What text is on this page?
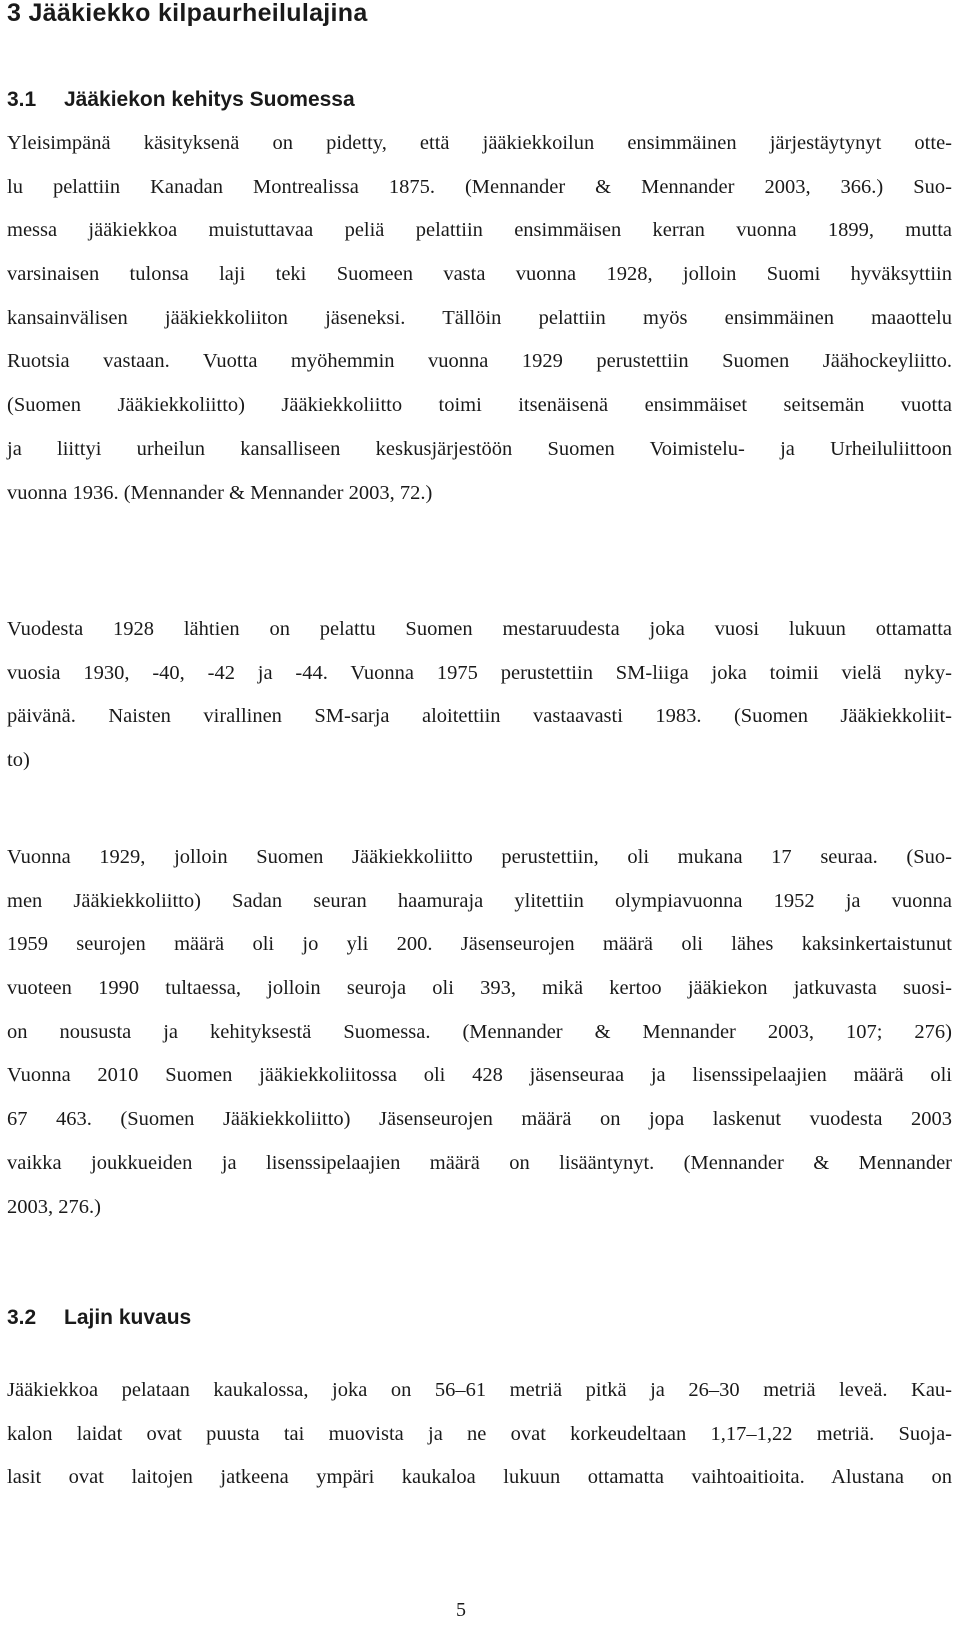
3 Jääkiekko kilpaurheilulajina
3.1 Jääkiekon kehitys Suomessa
Yleisimpänä käsityksenä on pidetty, että jääkiekkoilun ensimmäinen järjestäytynyt otte-
lu pelattiin Kanadan Montrealissa 1875. (Mennander & Mennander 2003, 366.) Suo-
messa jääkiekkoa muistuttavaa peliä pelattiin ensimmäisen kerran vuonna 1899, mutta
varsinaisen tulonsa laji teki Suomeen vasta vuonna 1928, jolloin Suomi hyväksyttiin
kansainvälisen jääkiekkoliiton jäseneksi. Tällöin pelattiin myös ensimmäinen maaottelu
Ruotsia vastaan. Vuotta myöhemmin vuonna 1929 perustettiin Suomen Jäähockeyliitto.
(Suomen Jääkiekkoliitto) Jääkiekkoliitto toimi itsenäisenä ensimmäiset seitsemän vuotta
ja liittyi urheilun kansalliseen keskusjärjestöön Suomen Voimistelu- ja Urheiluliittoon
vuonna 1936. (Mennander & Mennander 2003, 72.)
Vuodesta 1928 lähtien on pelattu Suomen mestaruudesta joka vuosi lukuun ottamatta
vuosia 1930, -40, -42 ja -44. Vuonna 1975 perustettiin SM-liiga joka toimii vielä nyky-
päivänä. Naisten virallinen SM-sarja aloitettiin vastaavasti 1983. (Suomen Jääkiekkoliit-
to)
Vuonna 1929, jolloin Suomen Jääkiekkoliitto perustettiin, oli mukana 17 seuraa. (Suo-
men Jääkiekkoliitto) Sadan seuran haamuraja ylitettiin olympiavuonna 1952 ja vuonna
1959 seurojen määrä oli jo yli 200. Jäsenseurojen määrä oli lähes kaksinkertaistunut
vuoteen 1990 tultaessa, jolloin seuroja oli 393, mikä kertoo jääkiekon jatkuvasta suosi-
on noususta ja kehityksestä Suomessa. (Mennander & Mennander 2003, 107; 276)
Vuonna 2010 Suomen jääkiekkoliitossa oli 428 jäsenseuraa ja lisenssipelaajien määrä oli
67 463. (Suomen Jääkiekkoliitto) Jäsenseurojen määrä on jopa laskenut vuodesta 2003
vaikka joukkueiden ja lisenssipelaajien määrä on lisääntynyt. (Mennander & Mennander
2003, 276.)
3.2 Lajin kuvaus
Jääkiekkoa pelataan kaukalossa, joka on 56–61 metriä pitkä ja 26–30 metriä leveä. Kau-
kalon laidat ovat puusta tai muovista ja ne ovat korkeudeltaan 1,17–1,22 metriä. Suoja-
lasit ovat laitojen jatkeena ympäri kaukaloa lukuun ottamatta vaihtoaitioita. Alustana on
5
